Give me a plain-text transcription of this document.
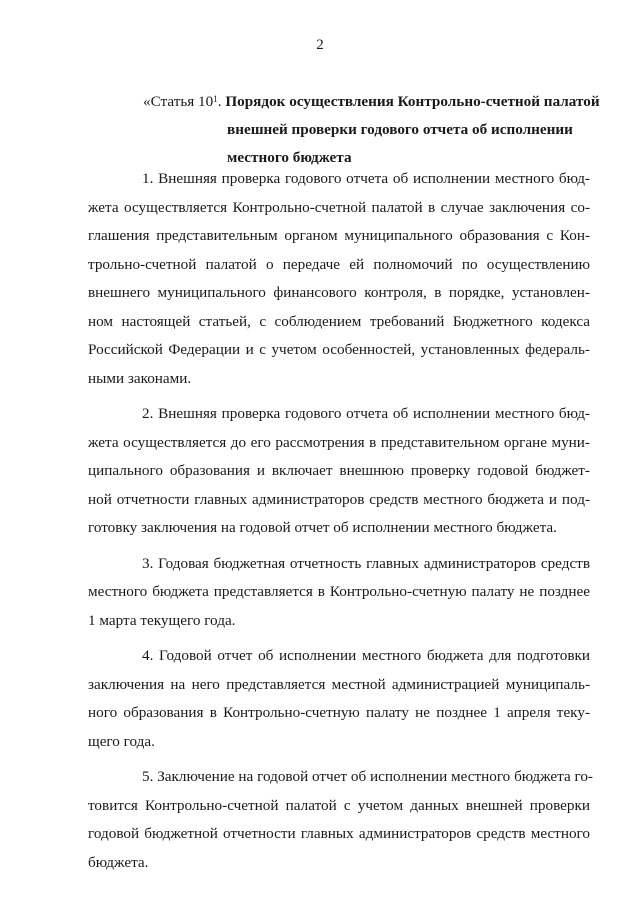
2
«Статья $10^1$. Порядок осуществления Контрольно-счетной палатой
внешней проверки годового отчета об исполнении
местного бюджета
1. Внешняя проверка годового отчета об исполнении местного бюд-
жета осуществляется Контрольно-счетной палатой в случае заключения со-
глашения представительным органом муниципального образования с Кон-
трольно-счетной палатой о передаче ей полномочий по осуществлению
внешнего муниципального финансового контроля, в порядке, установлен-
ном настоящей статьей, с соблюдением требований Бюджетного кодекса
Российской Федерации и с учетом особенностей, установленных федераль-
ными законами.
2. Внешняя проверка годового отчета об исполнении местного бюд-
жета осуществляется до его рассмотрения в представительном органе муни-
ципального образования и включает внешнюю проверку годовой бюджет-
ной отчетности главных администраторов средств местного бюджета и под-
готовку заключения на годовой отчет об исполнении местного бюджета.
3. Годовая бюджетная отчетность главных администраторов средств
местного бюджета представляется в Контрольно-счетную палату не позднее
1 марта текущего года.
4. Годовой отчет об исполнении местного бюджета для подготовки
заключения на него представляется местной администрацией муниципаль-
ного образования в Контрольно-счетную палату не позднее 1 апреля теку-
щего года.
5. Заключение на годовой отчет об исполнении местного бюджета го-
товится Контрольно-счетной палатой с учетом данных внешней проверки
годовой бюджетной отчетности главных администраторов средств местного
бюджета.
